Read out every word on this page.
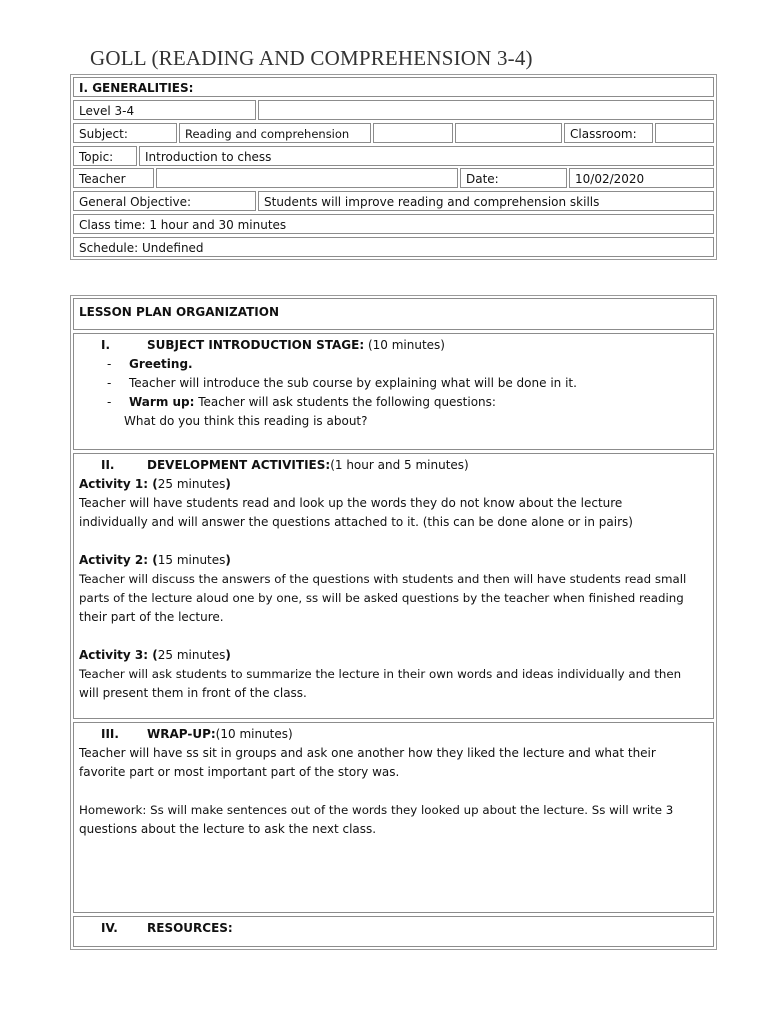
GOLL (READING AND COMPREHENSION 3-4)
I. GENERALITIES:
Level 3-4
Subject:	Reading and comprehension	Classroom:
Topic:	Introduction to chess
Teacher	Date:	10/02/2020
General Objective:	Students will improve reading and comprehension skills
Class time: 1 hour and 30 minutes
Schedule: Undefined
LESSON PLAN ORGANIZATION

I.	SUBJECT INTRODUCTION STAGE: (10 minutes)

- Greeting.

- Teacher will introduce the sub course by explaining what will be done in it.

- Warm up: Teacher will ask students the following questions:

What do you think this reading is about?

II.	DEVELOPMENT ACTIVITIES:(1 hour and 5 minutes)

Activity 1: (25 minutes)

Teacher will have students read and look up the words they do not know about the lecture

individually and will answer the questions attached to it. (this can be done alone or in pairs)

Activity 2: (15 minutes)

Teacher will discuss the answers of the questions with students and then will have students read small

parts of the lecture aloud one by one, ss will be asked questions by the teacher when finished reading

their part of the lecture.

Activity 3: (25 minutes)

Teacher will ask students to summarize the lecture in their own words and ideas individually and then

will present them in front of the class.

III. WRAP-UP:(10 minutes)

Teacher will have ss sit in groups and ask one another how they liked the lecture and what their

favorite part or most important part of the story was.

Homework: Ss will make sentences out of the words they looked up about the lecture. Ss will write 3

questions about the lecture to ask the next class.

IV. RESOURCES:
